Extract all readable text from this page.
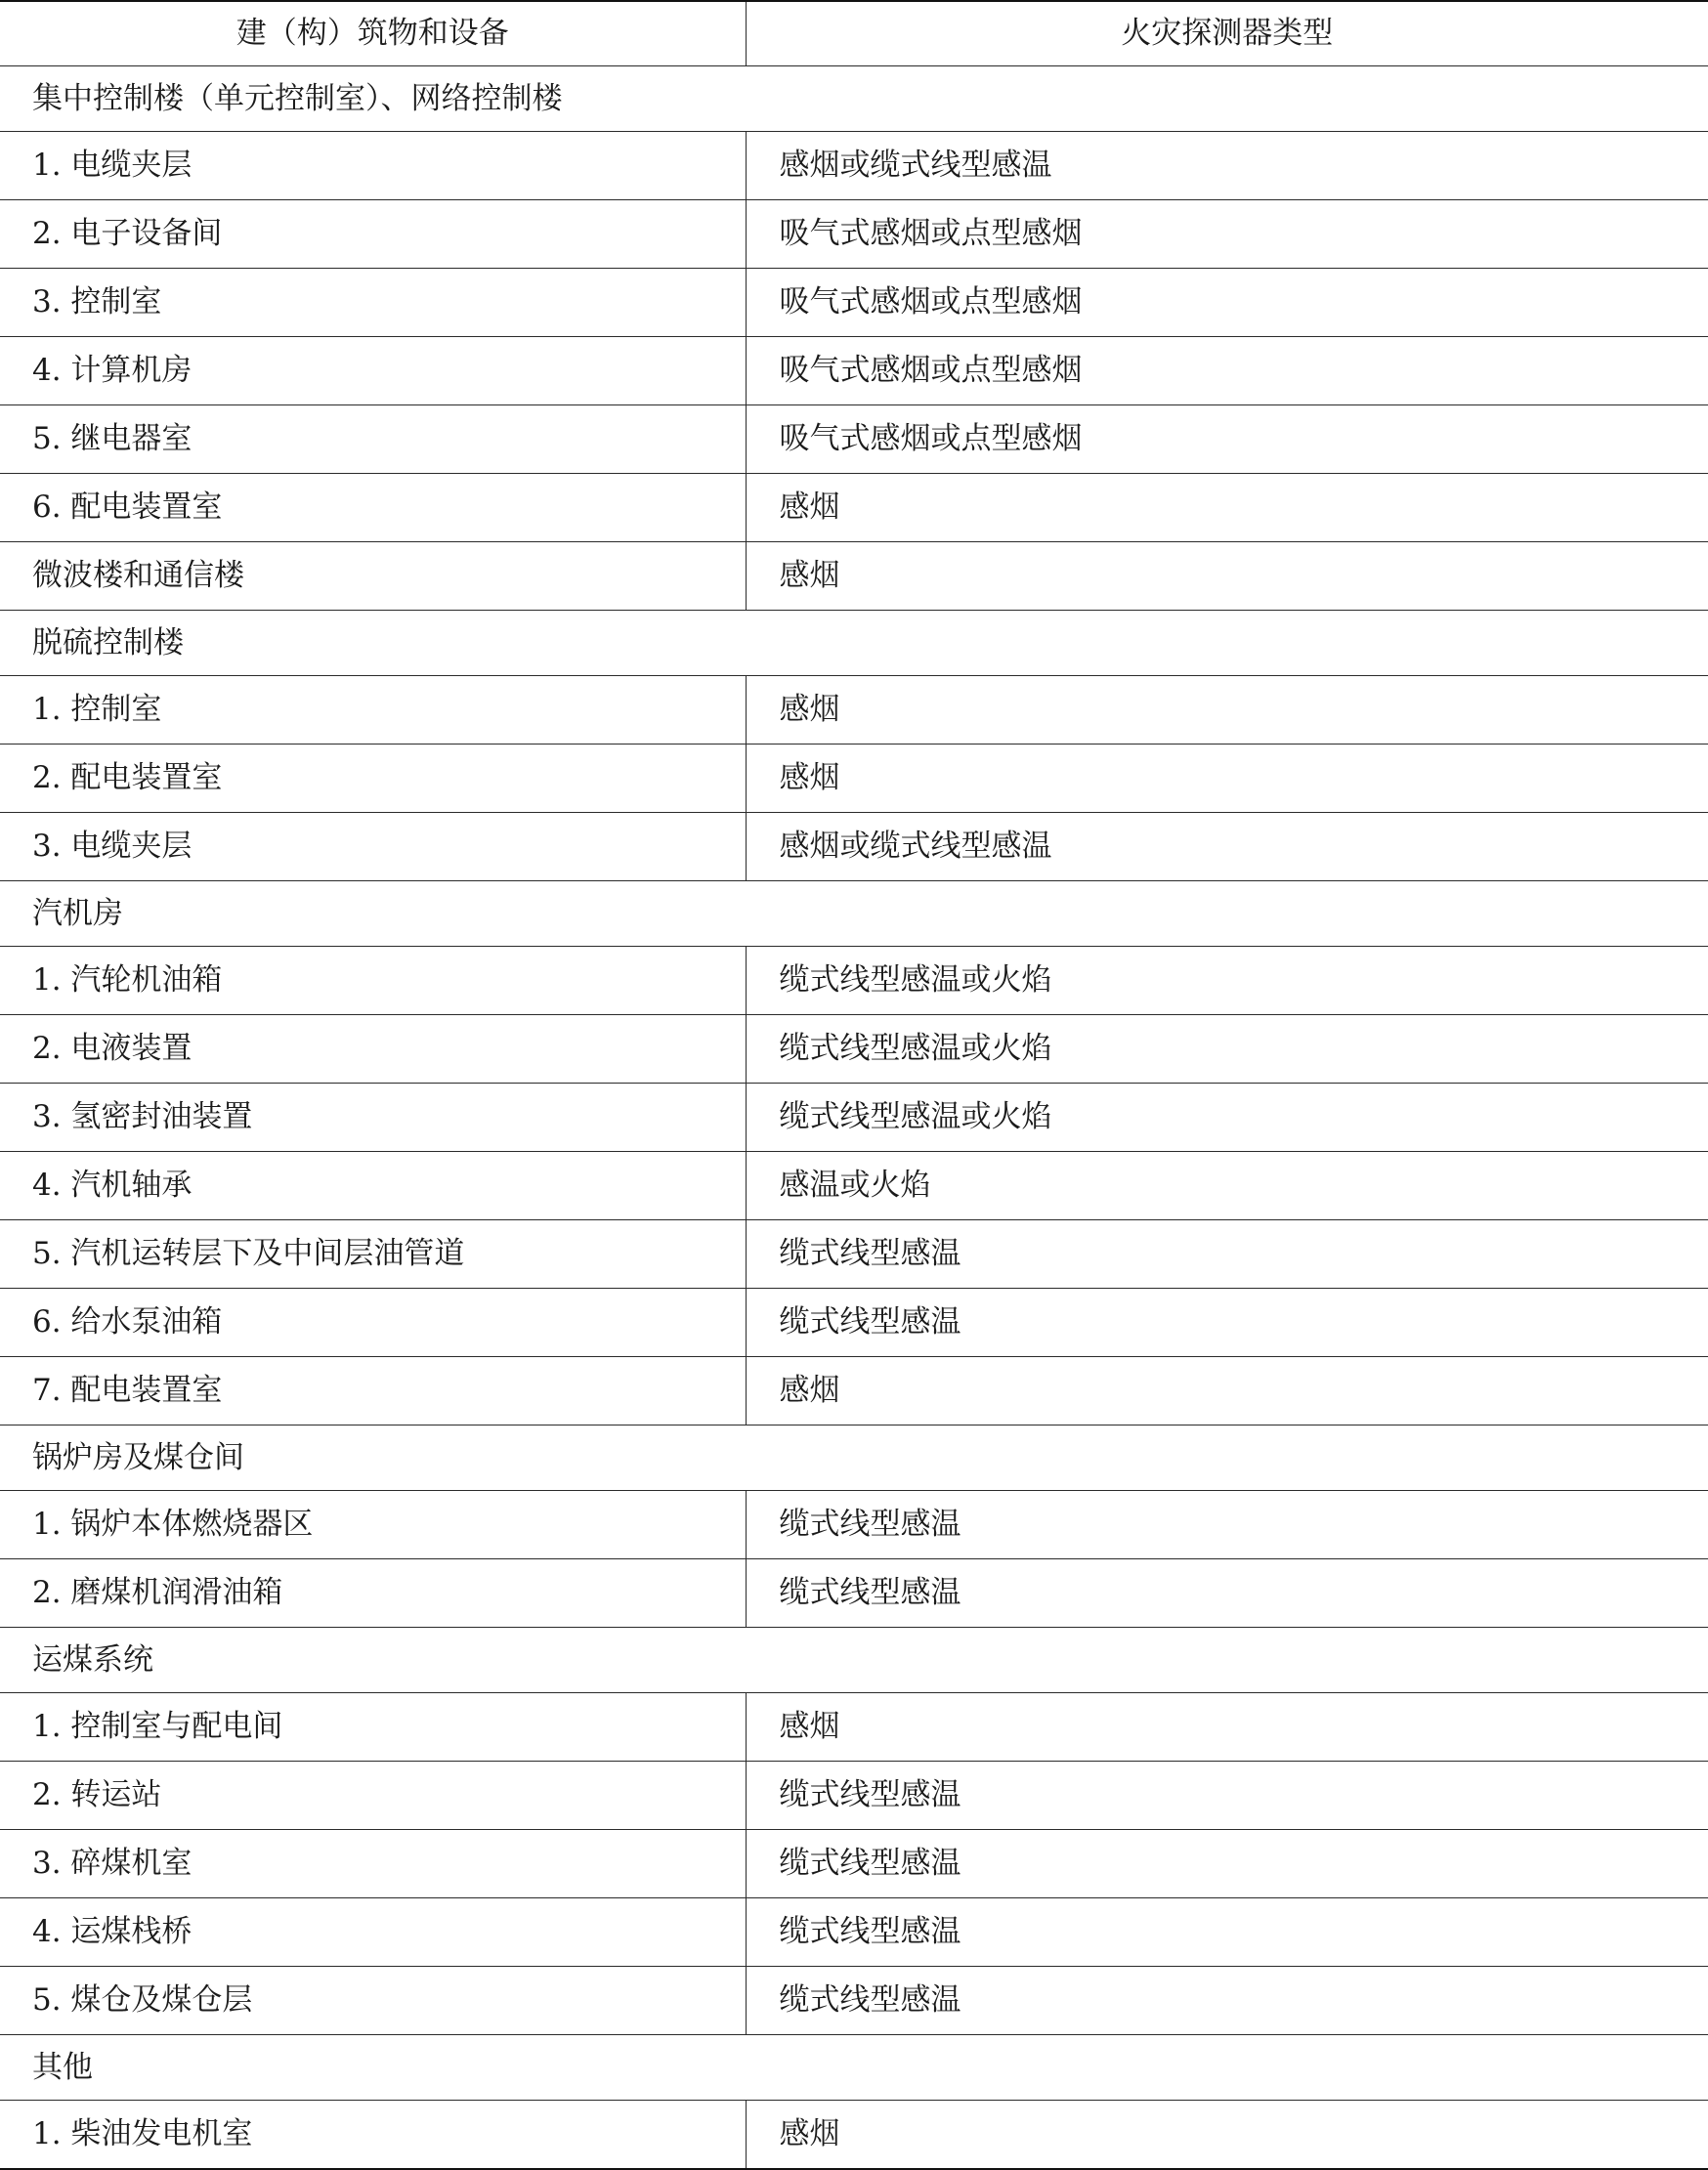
建（构）筑物和设备	火灾探测器类型
集中控制楼（单元控制室）、网络控制楼	
1. 电缆夹层	感烟或缆式线型感温
2. 电子设备间	吸气式感烟或点型感烟
3. 控制室	吸气式感烟或点型感烟
4. 计算机房	吸气式感烟或点型感烟
5. 继电器室	吸气式感烟或点型感烟
6. 配电装置室	感烟
微波楼和通信楼	感烟
脱硫控制楼	
1. 控制室	感烟
2. 配电装置室	感烟
3. 电缆夹层	感烟或缆式线型感温
汽机房	
1. 汽轮机油箱	缆式线型感温或火焰
2. 电液装置	缆式线型感温或火焰
3. 氢密封油装置	缆式线型感温或火焰
4. 汽机轴承	感温或火焰
5. 汽机运转层下及中间层油管道	缆式线型感温
6. 给水泵油箱	缆式线型感温
7. 配电装置室	感烟
锅炉房及煤仓间	
1. 锅炉本体燃烧器区	缆式线型感温
2. 磨煤机润滑油箱	缆式线型感温
运煤系统	
1. 控制室与配电间	感烟
2. 转运站	缆式线型感温
3. 碎煤机室	缆式线型感温
4. 运煤栈桥	缆式线型感温
5. 煤仓及煤仓层	缆式线型感温
其他	
1. 柴油发电机室	感烟
